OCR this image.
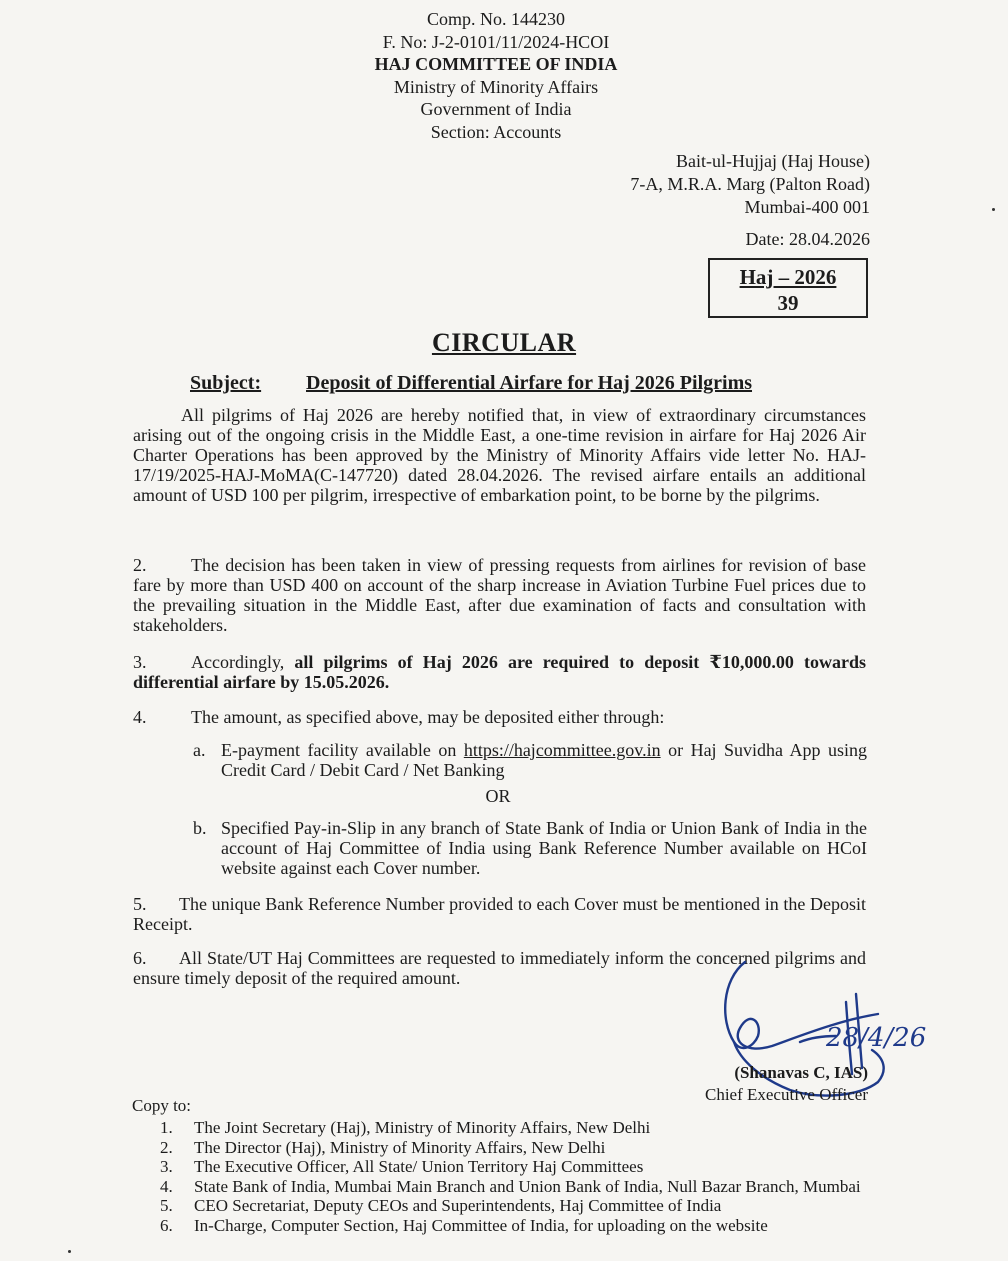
Comp. No. 144230
F. No: J-2-0101/11/2024-HCOI
HAJ COMMITTEE OF INDIA
Ministry of Minority Affairs
Government of India
Section: Accounts
Bait-ul-Hujjaj (Haj House)
7-A, M.R.A. Marg (Palton Road)
Mumbai-400 001
Date: 28.04.2026
Haj – 2026
39
CIRCULAR
Subject: Deposit of Differential Airfare for Haj 2026 Pilgrims
All pilgrims of Haj 2026 are hereby notified that, in view of extraordinary circumstances arising out of the ongoing crisis in the Middle East, a one-time revision in airfare for Haj 2026 Air Charter Operations has been approved by the Ministry of Minority Affairs vide letter No. HAJ-17/19/2025-HAJ-MoMA(C-147720) dated 28.04.2026. The revised airfare entails an additional amount of USD 100 per pilgrim, irrespective of embarkation point, to be borne by the pilgrims.
2. The decision has been taken in view of pressing requests from airlines for revision of base fare by more than USD 400 on account of the sharp increase in Aviation Turbine Fuel prices due to the prevailing situation in the Middle East, after due examination of facts and consultation with stakeholders.
3. Accordingly, all pilgrims of Haj 2026 are required to deposit ₹10,000.00 towards differential airfare by 15.05.2026.
4. The amount, as specified above, may be deposited either through:
a. E-payment facility available on https://hajcommittee.gov.in or Haj Suvidha App using Credit Card / Debit Card / Net Banking
OR
b. Specified Pay-in-Slip in any branch of State Bank of India or Union Bank of India in the account of Haj Committee of India using Bank Reference Number available on HCoI website against each Cover number.
5. The unique Bank Reference Number provided to each Cover must be mentioned in the Deposit Receipt.
6. All State/UT Haj Committees are requested to immediately inform the concerned pilgrims and ensure timely deposit of the required amount.
28/4/26
(Shanavas C, IAS)
Chief Executive Officer
Copy to:
1. The Joint Secretary (Haj), Ministry of Minority Affairs, New Delhi
2. The Director (Haj), Ministry of Minority Affairs, New Delhi
3. The Executive Officer, All State/ Union Territory Haj Committees
4. State Bank of India, Mumbai Main Branch and Union Bank of India, Null Bazar Branch, Mumbai
5. CEO Secretariat, Deputy CEOs and Superintendents, Haj Committee of India
6. In-Charge, Computer Section, Haj Committee of India, for uploading on the website
